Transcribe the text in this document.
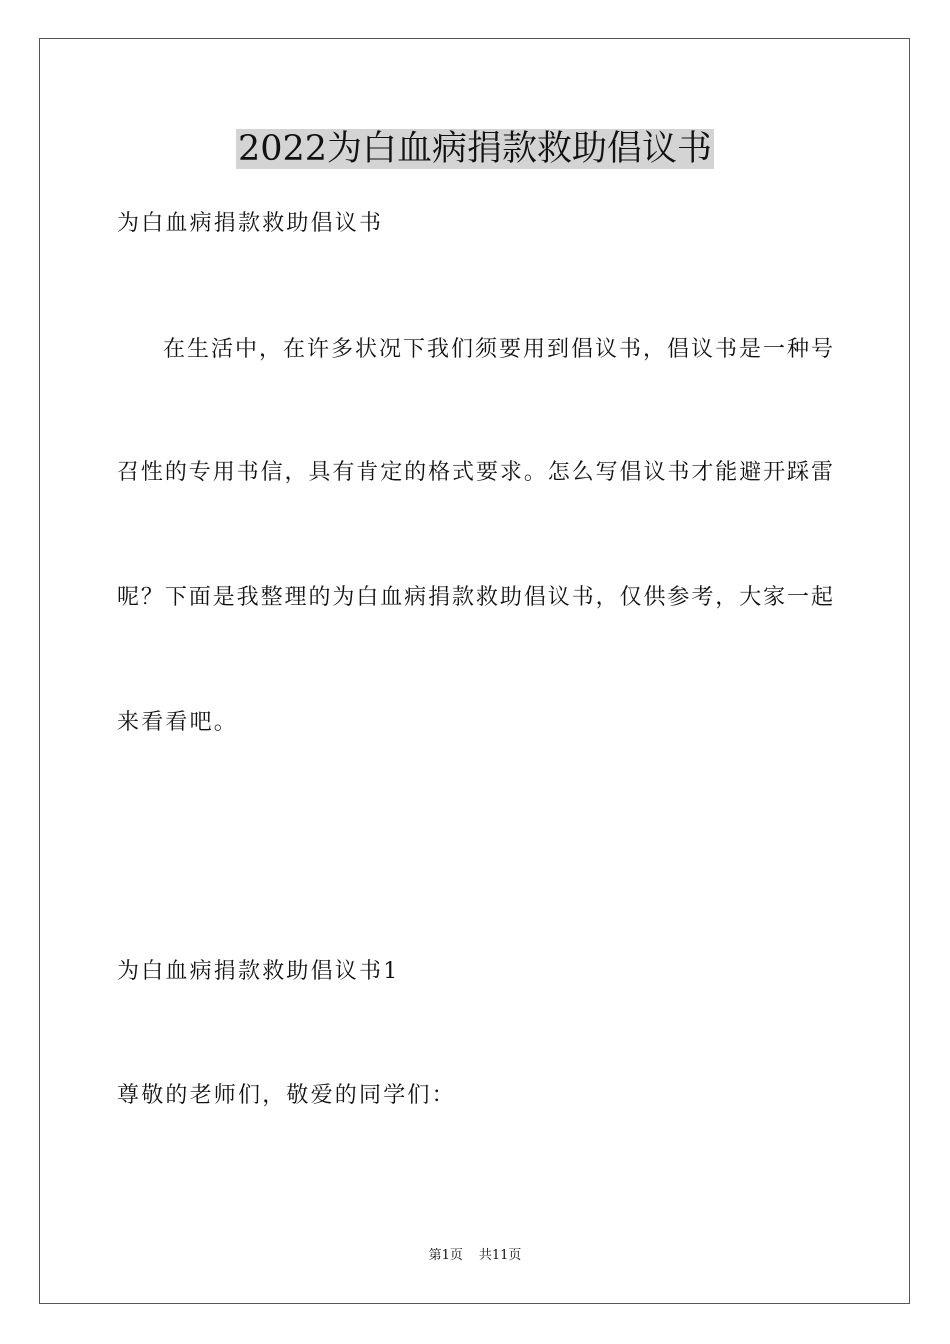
2022为白血病捐款救助倡议书

为白血病捐款救助倡议书

在生活中，在许多状况下我们须要用到倡议书，倡议书是一种号

召性的专用书信，具有肯定的格式要求。怎么写倡议书才能避开踩雷

呢？下面是我整理的为白血病捐款救助倡议书，仅供参考，大家一起

来看看吧。

为白血病捐款救助倡议书1

尊敬的老师们，敬爱的同学们：

第1页 共11页
